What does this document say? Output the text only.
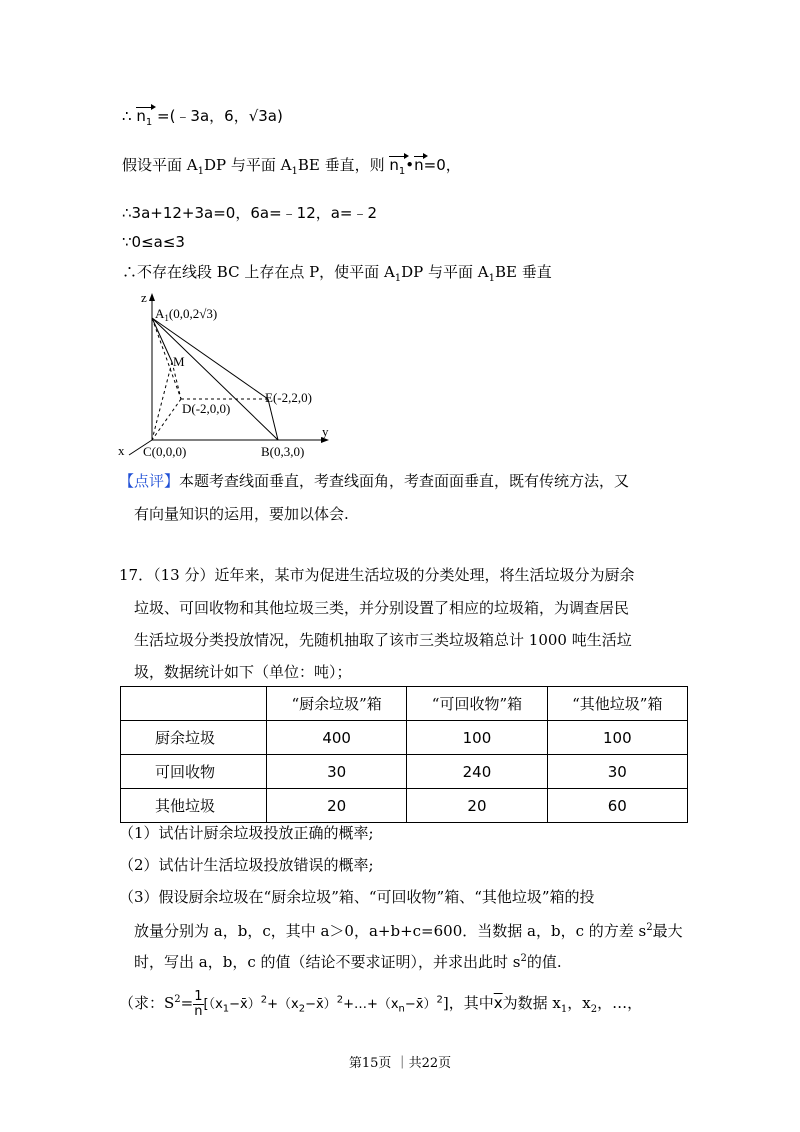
∴ $n_1$ =(﹣3a，6，√3a)
假设平面 $A_1DP$ 与平面 $A_1BE$ 垂直，则 $n_1•n=0$，
∴3a+12+3a=0，6a=﹣12，a=﹣2
∵0≤a≤3
∴不存在线段 BC 上存在点 P，使平面 $A_1DP$ 与平面 $A_1BE$ 垂直
z
y
x
$A_1(0,0,2√3)$
M
D(-2,0,0)
E(-2,2,0)
C(0,0,0)	B(0,3,0)
【点评】本题考查线面垂直，考查线面角，考查面面垂直，既有传统方法，又
有向量知识的运用，要加以体会.
17．（13 分）近年来，某市为促进生活垃圾的分类处理，将生活垃圾分为厨余
垃圾、可回收物和其他垃圾三类，并分别设置了相应的垃圾箱，为调查居民
生活垃圾分类投放情况，先随机抽取了该市三类垃圾箱总计 1000 吨生活垃
圾，数据统计如下（单位：吨）；
	“厨余垃圾”箱	“可回收物”箱	“其他垃圾”箱
厨余垃圾	400	100	100
可回收物	30	240	30
其他垃圾	20	20	60
（1）试估计厨余垃圾投放正确的概率;
（2）试估计生活垃圾投放错误的概率;
（3）假设厨余垃圾在“厨余垃圾”箱、“可回收物”箱、“其他垃圾”箱的投
放量分别为 a，b，c，其中 a＞0，a+b+c=600．当数据 a，b，c 的方差 $s^2$最大
时，写出 a，b，c 的值（结论不要求证明），并求出此时 $s^2$的值.
（求：$S^2= \frac{1}{n}$ $[(x_1-x̄)^2+(x_2-x̄)^2+\dots+(x_n-x̄)^2]$，其中$\overline{x}$为数据 $x_1$，$x_2$，…，
第15页 ｜共22页
